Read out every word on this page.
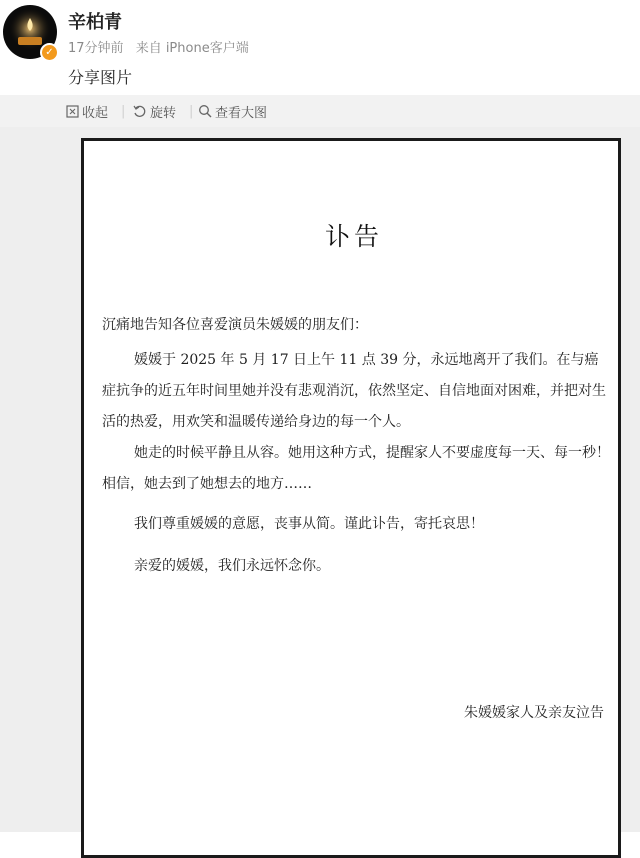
✓
辛柏青
17分钟前 来自 iPhone客户端
分享图片
收起 | 旋转 | 查看大图
讣告

沉痛地告知各位喜爱演员朱媛媛的朋友们：

媛媛于 2025 年 5 月 17 日上午 11 点 39 分，永远地离开了我们。在与癌症抗争的近五年时间里她并没有悲观消沉，依然坚定、自信地面对困难，并把对生活的热爱，用欢笑和温暖传递给身边的每一个人。

她走的时候平静且从容。她用这种方式，提醒家人不要虚度每一天、每一秒！相信，她去到了她想去的地方……

我们尊重媛媛的意愿，丧事从简。谨此讣告，寄托哀思！

亲爱的媛媛，我们永远怀念你。

朱媛媛家人及亲友泣告
